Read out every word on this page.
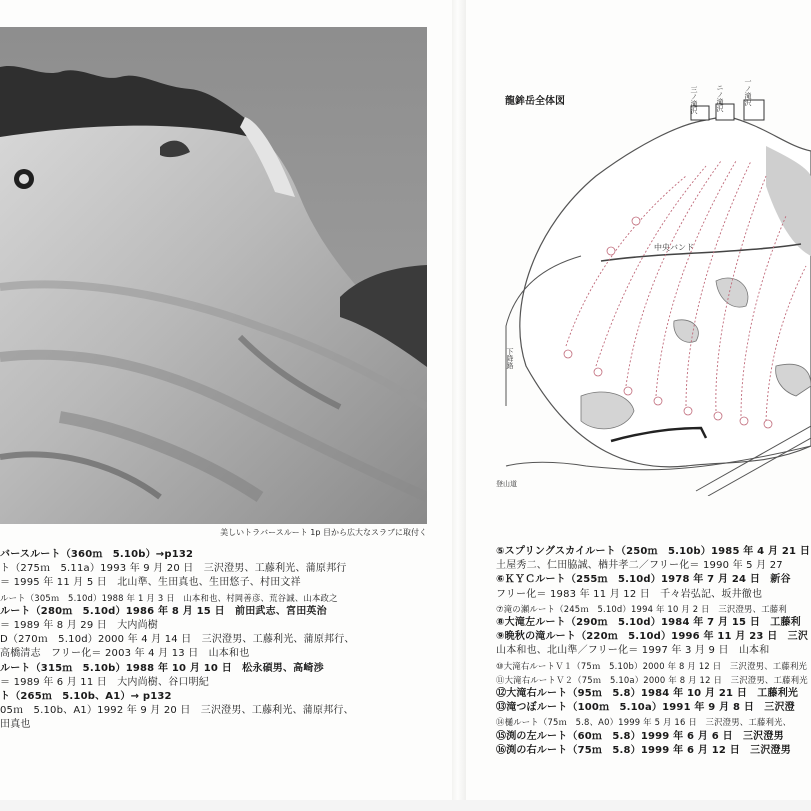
美しいトラバースルート 1p 目から広大なスラブに取付く
バースルート（360ｍ　5.10b）→p132
ト（275ｍ　5.11a）1993 年 9 月 20 日　三沢澄男、工藤利光、蒲原邦行
＝ 1995 年 11 月 5 日　北山準、生田真也、生田悠子、村田文祥
ルート（305ｍ　5.10d）1988 年 1 月 3 日　山本和也、村岡善彦、荒谷誠、山本政之
ルート（280ｍ　5.10d）1986 年 8 月 15 日　前田武志、宮田英治
＝ 1989 年 8 月 29 日　大内尚樹
D（270ｍ　5.10d）2000 年 4 月 14 日　三沢澄男、工藤利光、蒲原邦行、
高橋清志　フリー化＝ 2003 年 4 月 13 日　山本和也
ルート（315ｍ　5.10b）1988 年 10 月 10 日　松永碩男、高崎渉
＝ 1989 年 6 月 11 日　大内尚樹、谷口明紀
ト（265ｍ　5.10b、A1）→ p132
05ｍ　5.10b、A1）1992 年 9 月 20 日　三沢澄男、工藤利光、蒲原邦行、
田真也
龍鉾岳全体図
中央バンド
下降路
登山道
三ノ滝沢	ニノ滝沢	一ノ滝沢
⑤スプリングスカイルート（250ｍ　5.10b）1985 年 4 月 21 日
土屋秀二、仁田脇誠、楢井孝二／フリー化＝ 1990 年 5 月 27
⑥ＫＹＣルート（255ｍ　5.10d）1978 年 7 月 24 日　新谷
フリー化＝ 1983 年 11 月 12 日　千々岩弘記、坂井徹也
⑦滝の瀬ルート（245ｍ　5.10d）1994 年 10 月 2 日　三沢澄男、工藤利
⑧大滝左ルート（290ｍ　5.10d）1984 年 7 月 15 日　工藤利
⑨晩秋の滝ルート（220ｍ　5.10d）1996 年 11 月 23 日　三沢
山本和也、北山準／フリー化＝ 1997 年 3 月 9 日　山本和
⑩大滝右ルートＶ１（75ｍ　5.10b）2000 年 8 月 12 日　三沢澄男、工藤利光
⑪大滝右ルートＶ２（75ｍ　5.10a）2000 年 8 月 12 日　三沢澄男、工藤利光
⑫大滝右ルート（95ｍ　5.8）1984 年 10 月 21 日　工藤利光
⑬滝つぼルート（100ｍ　5.10a）1991 年 9 月 8 日　三沢澄
⑭樋ルート（75ｍ　5.8、A0）1999 年 5 月 16 日　三沢澄男、工藤利光、
⑮渕の左ルート（60ｍ　5.8）1999 年 6 月 6 日　三沢澄男
⑯渕の右ルート（75ｍ　5.8）1999 年 6 月 12 日　三沢澄男
